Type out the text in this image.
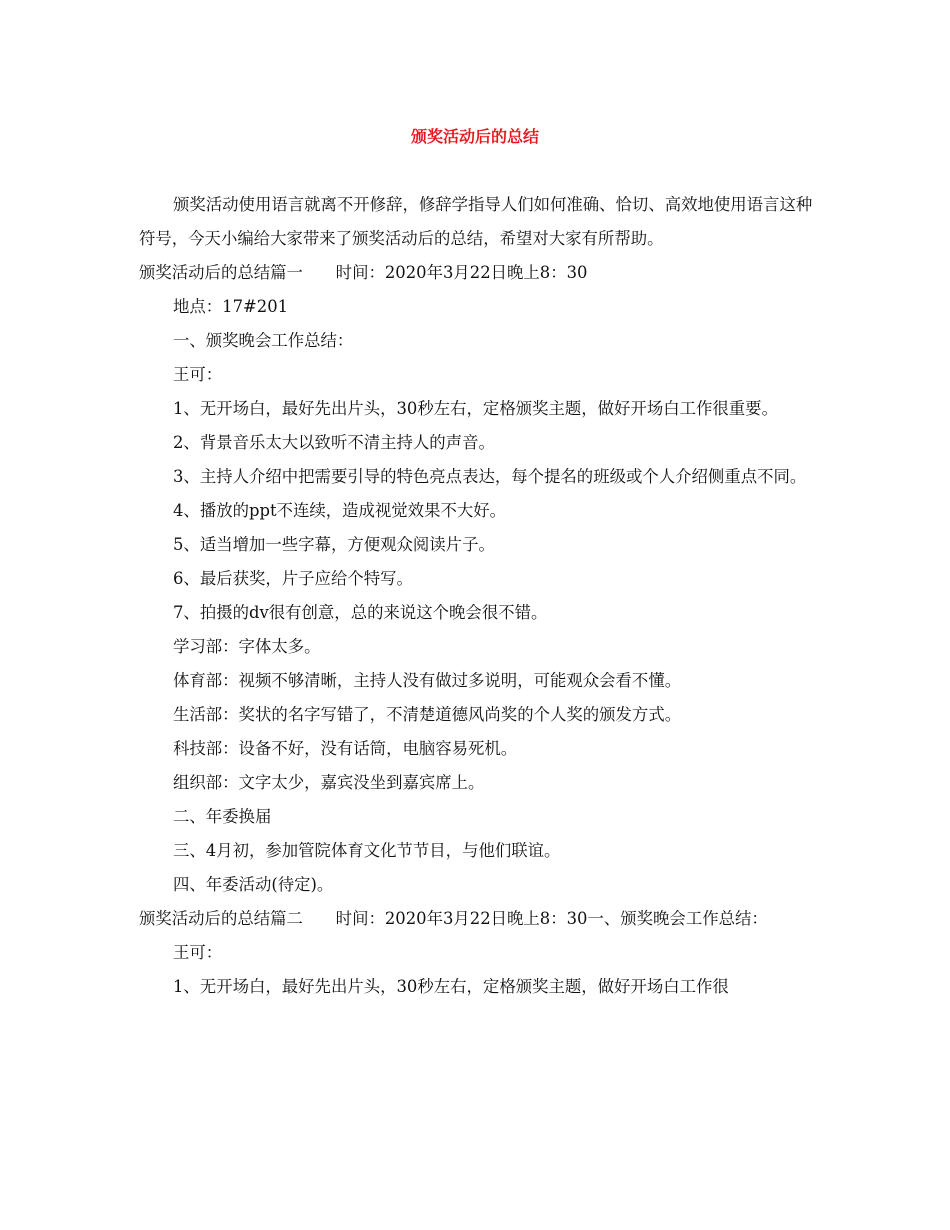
颁奖活动后的总结

颁奖活动使用语言就离不开修辞，修辞学指导人们如何准确、恰切、高效地使用语言这种符号，今天小编给大家带来了颁奖活动后的总结，希望对大家有所帮助。

颁奖活动后的总结篇一　　时间：2020年3月22日晚上8：30

地点：17#201

一、颁奖晚会工作总结：

王可：

1、无开场白，最好先出片头，30秒左右，定格颁奖主题，做好开场白工作很重要。

2、背景音乐太大以致听不清主持人的声音。

3、主持人介绍中把需要引导的特色亮点表达，每个提名的班级或个人介绍侧重点不同。

4、播放的ppt不连续，造成视觉效果不大好。

5、适当增加一些字幕，方便观众阅读片子。

6、最后获奖，片子应给个特写。

7、拍摄的dv很有创意，总的来说这个晚会很不错。

学习部：字体太多。

体育部：视频不够清晰，主持人没有做过多说明，可能观众会看不懂。

生活部：奖状的名字写错了，不清楚道德风尚奖的个人奖的颁发方式。

科技部：设备不好，没有话筒，电脑容易死机。

组织部：文字太少，嘉宾没坐到嘉宾席上。

二、年委换届

三、4月初，参加管院体育文化节节目，与他们联谊。

四、年委活动(待定)。

颁奖活动后的总结篇二　　时间：2020年3月22日晚上8：30一、颁奖晚会工作总结：

王可：

1、无开场白，最好先出片头，30秒左右，定格颁奖主题，做好开场白工作很
